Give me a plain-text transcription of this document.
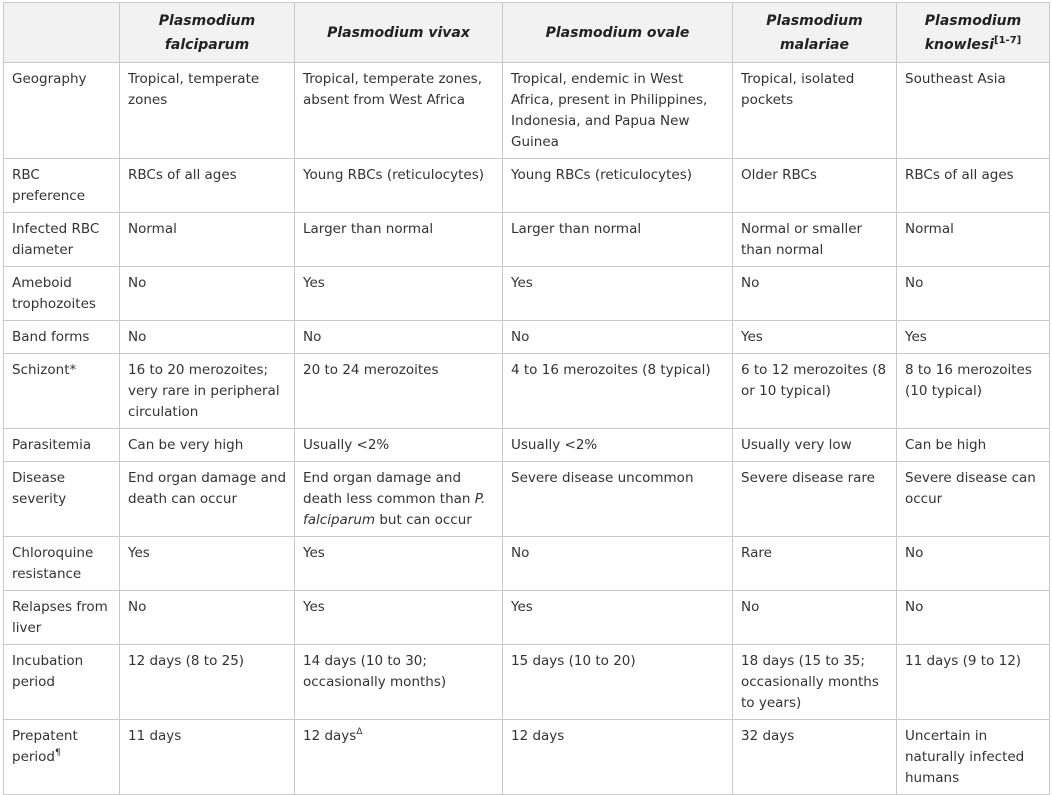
	Plasmodium falciparum	Plasmodium vivax	Plasmodium ovale	Plasmodium malariae	Plasmodium knowlesi[1-7]
Geography	Tropical, temperate zones	Tropical, temperate zones, absent from West Africa	Tropical, endemic in West Africa, present in Philippines, Indonesia, and Papua New Guinea	Tropical, isolated pockets	Southeast Asia
RBC preference	RBCs of all ages	Young RBCs (reticulocytes)	Young RBCs (reticulocytes)	Older RBCs	RBCs of all ages
Infected RBC diameter	Normal	Larger than normal	Larger than normal	Normal or smaller than normal	Normal
Ameboid trophozoites	No	Yes	Yes	No	No
Band forms	No	No	No	Yes	Yes
Schizont*	16 to 20 merozoites; very rare in peripheral circulation	20 to 24 merozoites	4 to 16 merozoites (8 typical)	6 to 12 merozoites (8 or 10 typical)	8 to 16 merozoites (10 typical)
Parasitemia	Can be very high	Usually <2%	Usually <2%	Usually very low	Can be high
Disease severity	End organ damage and death can occur	End organ damage and death less common than P. falciparum but can occur	Severe disease uncommon	Severe disease rare	Severe disease can occur
Chloroquine resistance	Yes	Yes	No	Rare	No
Relapses from liver	No	Yes	Yes	No	No
Incubation period	12 days (8 to 25)	14 days (10 to 30; occasionally months)	15 days (10 to 20)	18 days (15 to 35; occasionally months to years)	11 days (9 to 12)
Prepatent period¶	11 days	12 days$^\Delta$	12 days	32 days	Uncertain in naturally infected humans
